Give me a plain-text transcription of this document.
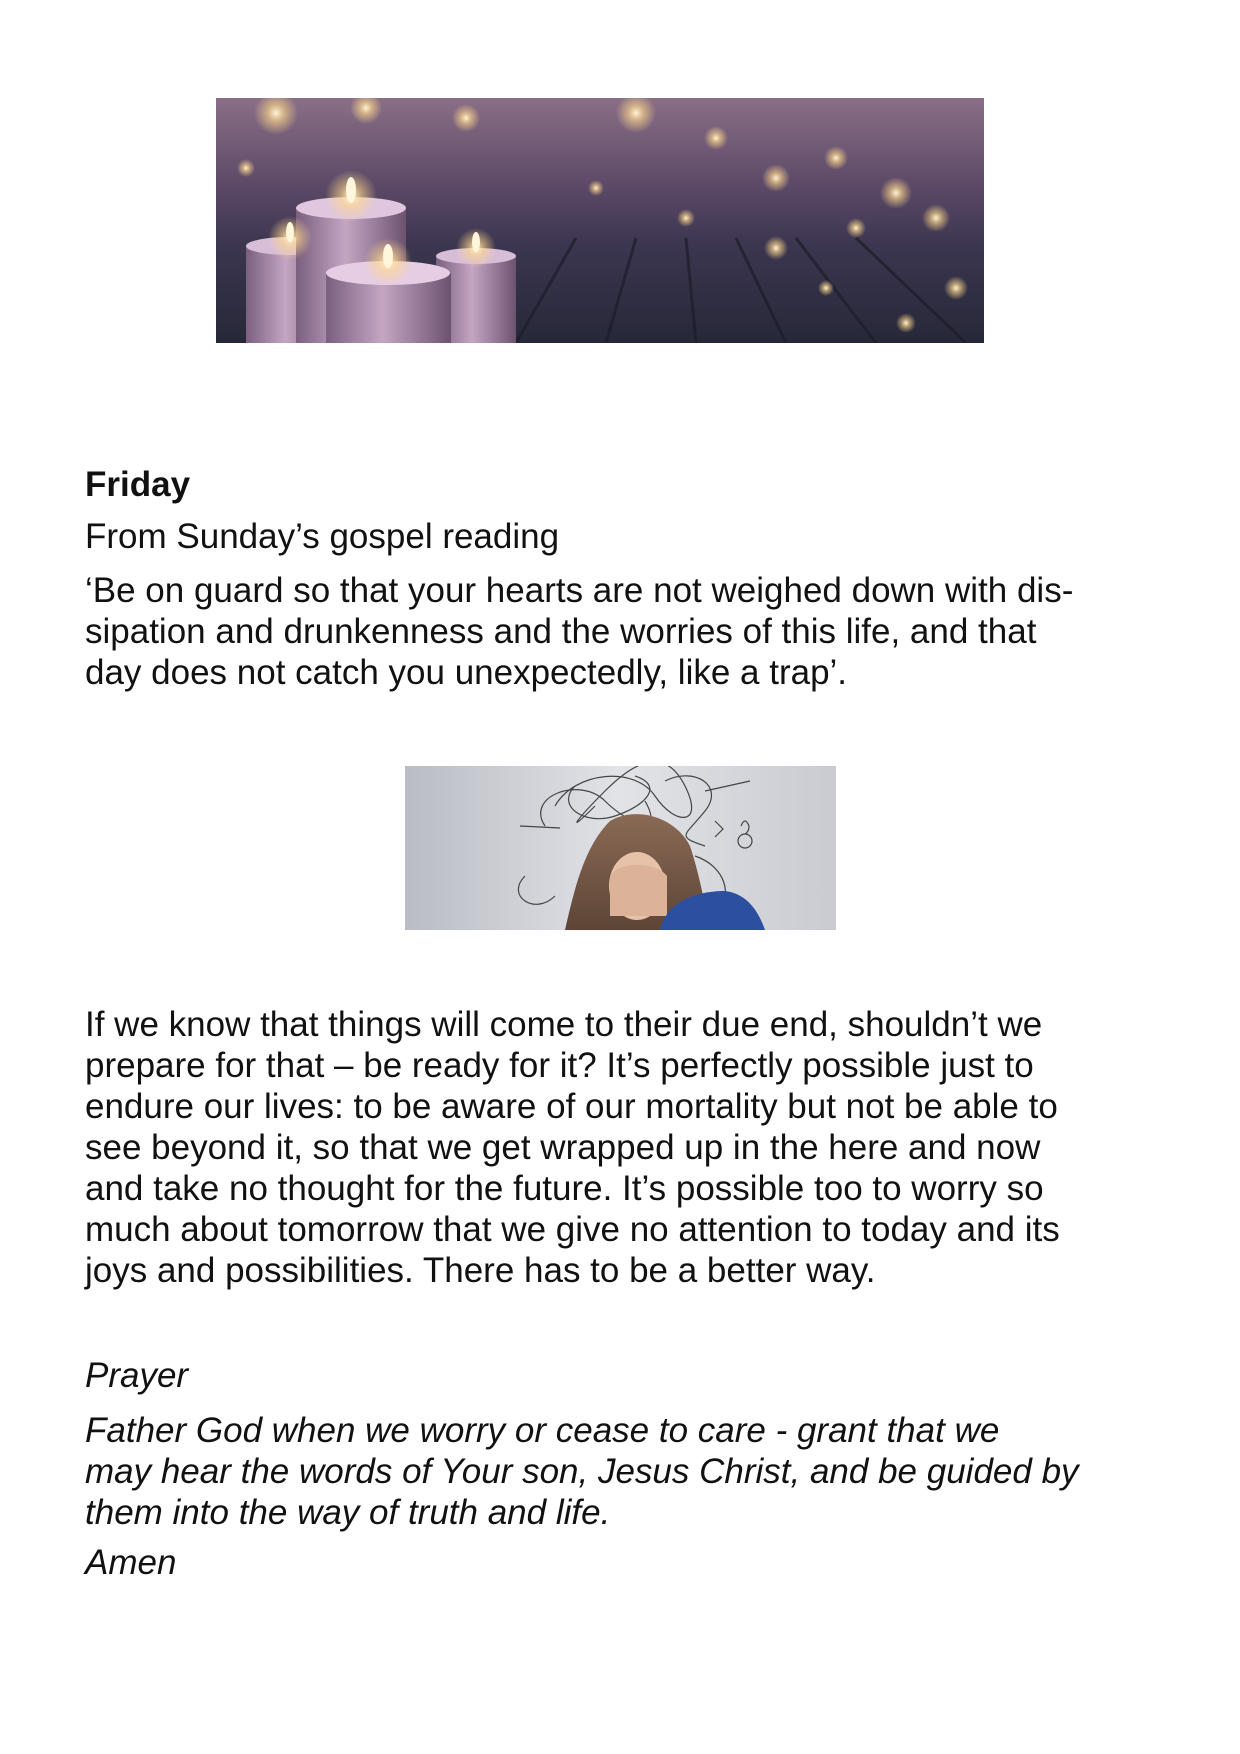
Friday

From Sunday’s gospel reading

‘Be on guard so that your hearts are not weighed down with dis-
sipation and drunkenness and the worries of this life, and that
day does not catch you unexpectedly, like a trap’.

If we know that things will come to their due end, shouldn’t we
prepare for that – be ready for it? It’s perfectly possible just to
endure our lives: to be aware of our mortality but not be able to
see beyond it, so that we get wrapped up in the here and now
and take no thought for the future. It’s possible too to worry so
much about tomorrow that we give no attention to today and its
joys and possibilities. There has to be a better way.

Prayer

Father God when we worry or cease to care - grant that we
may hear the words of Your son, Jesus Christ, and be guided by
them into the way of truth and life.

Amen
